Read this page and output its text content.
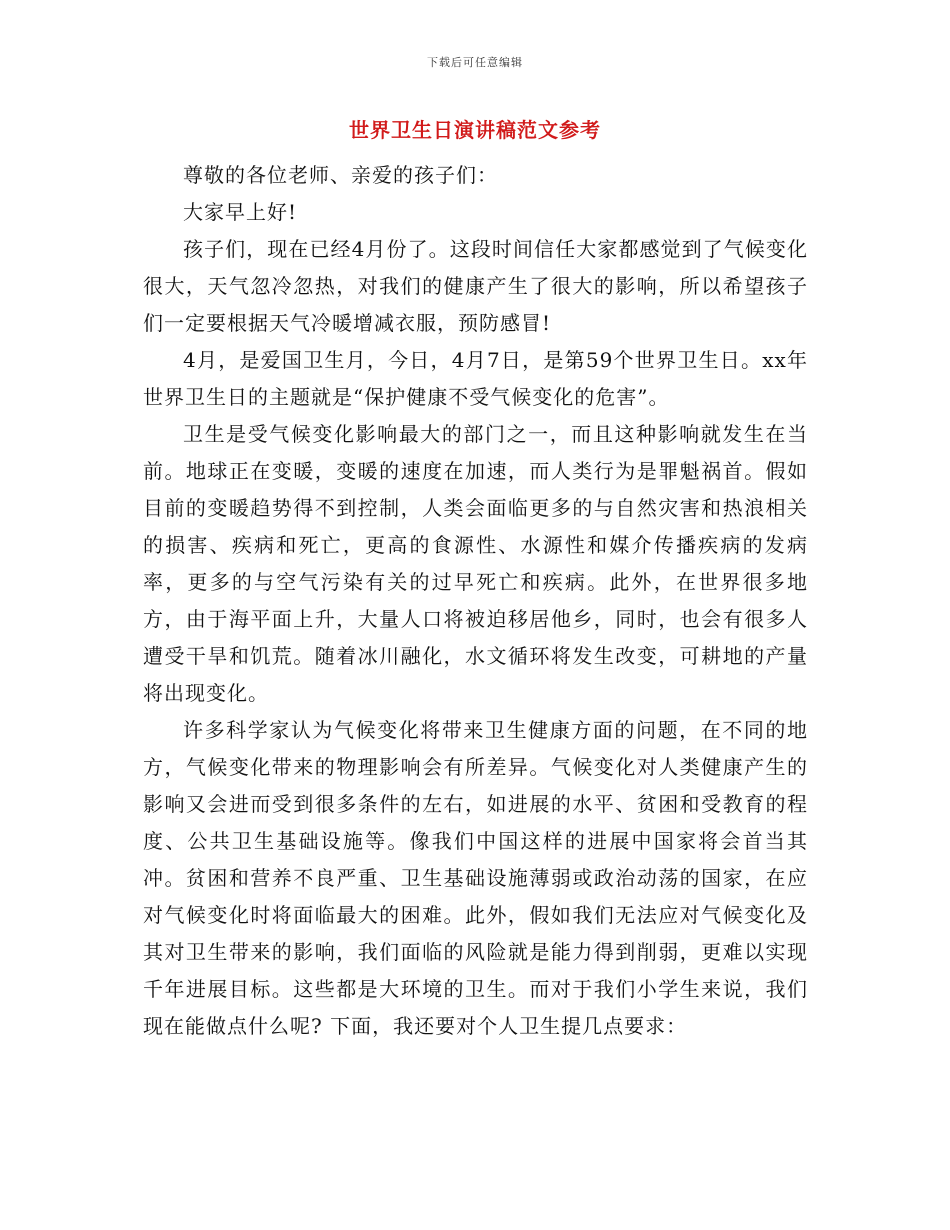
下载后可任意编辑
世界卫生日演讲稿范文参考

尊敬的各位老师、亲爱的孩子们：

大家早上好!

孩子们，现在已经4月份了。这段时间信任大家都感觉到了气候变化很大，天气忽冷忽热，对我们的健康产生了很大的影响，所以希望孩子们一定要根据天气冷暖增减衣服，预防感冒!

4月，是爱国卫生月，今日，4月7日，是第59个世界卫生日。xx年世界卫生日的主题就是“保护健康不受气候变化的危害”。

卫生是受气候变化影响最大的部门之一，而且这种影响就发生在当前。地球正在变暖，变暖的速度在加速，而人类行为是罪魁祸首。假如目前的变暖趋势得不到控制，人类会面临更多的与自然灾害和热浪相关的损害、疾病和死亡，更高的食源性、水源性和媒介传播疾病的发病率，更多的与空气污染有关的过早死亡和疾病。此外，在世界很多地方，由于海平面上升，大量人口将被迫移居他乡，同时，也会有很多人遭受干旱和饥荒。随着冰川融化，水文循环将发生改变，可耕地的产量将出现变化。

许多科学家认为气候变化将带来卫生健康方面的问题，在不同的地方，气候变化带来的物理影响会有所差异。气候变化对人类健康产生的影响又会进而受到很多条件的左右，如进展的水平、贫困和受教育的程度、公共卫生基础设施等。像我们中国这样的进展中国家将会首当其冲。贫困和营养不良严重、卫生基础设施薄弱或政治动荡的国家，在应对气候变化时将面临最大的困难。此外，假如我们无法应对气候变化及其对卫生带来的影响，我们面临的风险就是能力得到削弱，更难以实现千年进展目标。这些都是大环境的卫生。而对于我们小学生来说，我们现在能做点什么呢? 下面，我还要对个人卫生提几点要求：
